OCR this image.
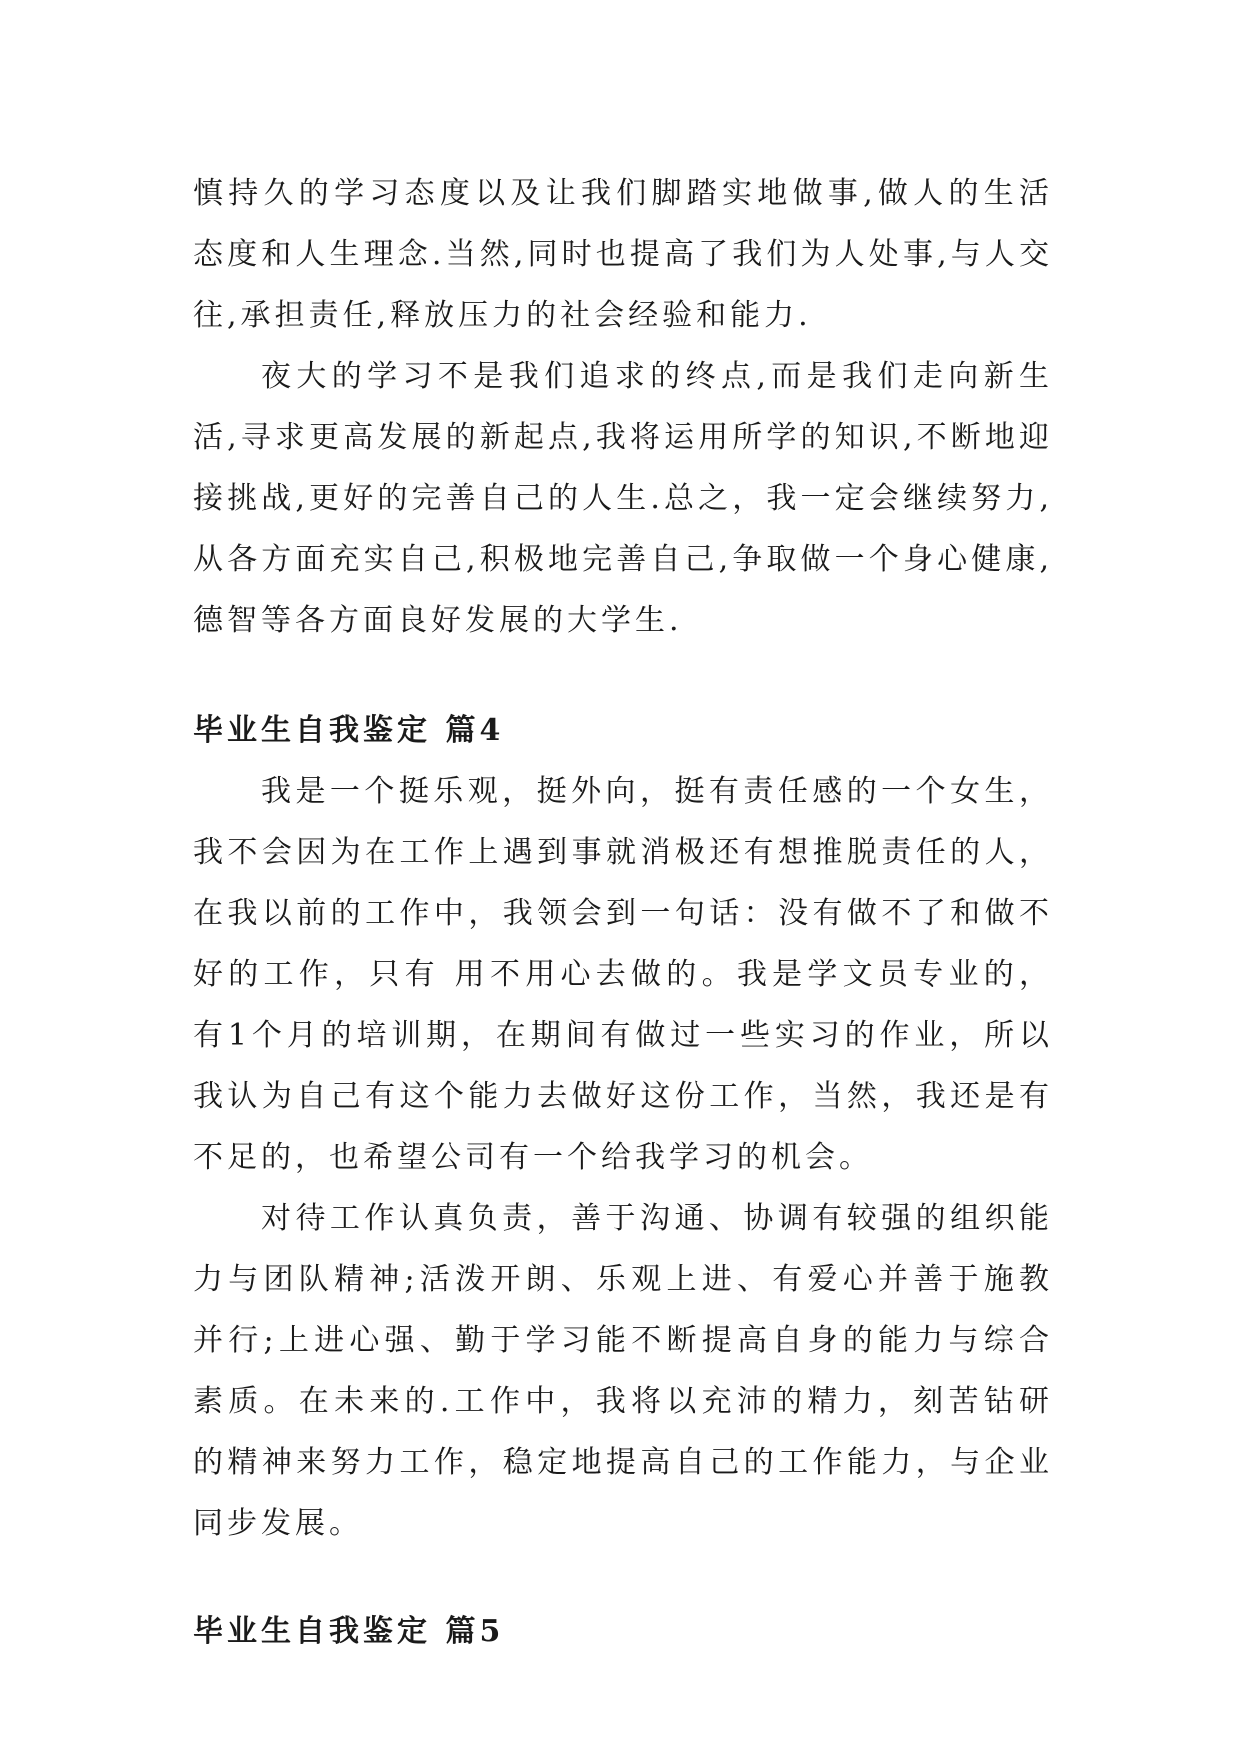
慎持久的学习态度以及让我们脚踏实地做事,做人的生活态度和人生理念.当然,同时也提高了我们为人处事,与人交往,承担责任,释放压力的社会经验和能力.

夜大的学习不是我们追求的终点,而是我们走向新生活,寻求更高发展的新起点,我将运用所学的知识,不断地迎接挑战,更好的完善自己的人生.总之，我一定会继续努力,从各方面充实自己,积极地完善自己,争取做一个身心健康,德智等各方面良好发展的大学生.

毕业生自我鉴定 篇4

我是一个挺乐观，挺外向，挺有责任感的一个女生，我不会因为在工作上遇到事就消极还有想推脱责任的人，在我以前的工作中，我领会到一句话：没有做不了和做不好的工作，只有 用不用心去做的。我是学文员专业的，有1个月的培训期，在期间有做过一些实习的作业，所以我认为自己有这个能力去做好这份工作，当然，我还是有不足的，也希望公司有一个给我学习的机会。

对待工作认真负责，善于沟通、协调有较强的组织能力与团队精神;活泼开朗、乐观上进、有爱心并善于施教并行;上进心强、勤于学习能不断提高自身的能力与综合素质。在未来的.工作中，我将以充沛的精力，刻苦钻研的精神来努力工作，稳定地提高自己的工作能力，与企业同步发展。

毕业生自我鉴定 篇5
